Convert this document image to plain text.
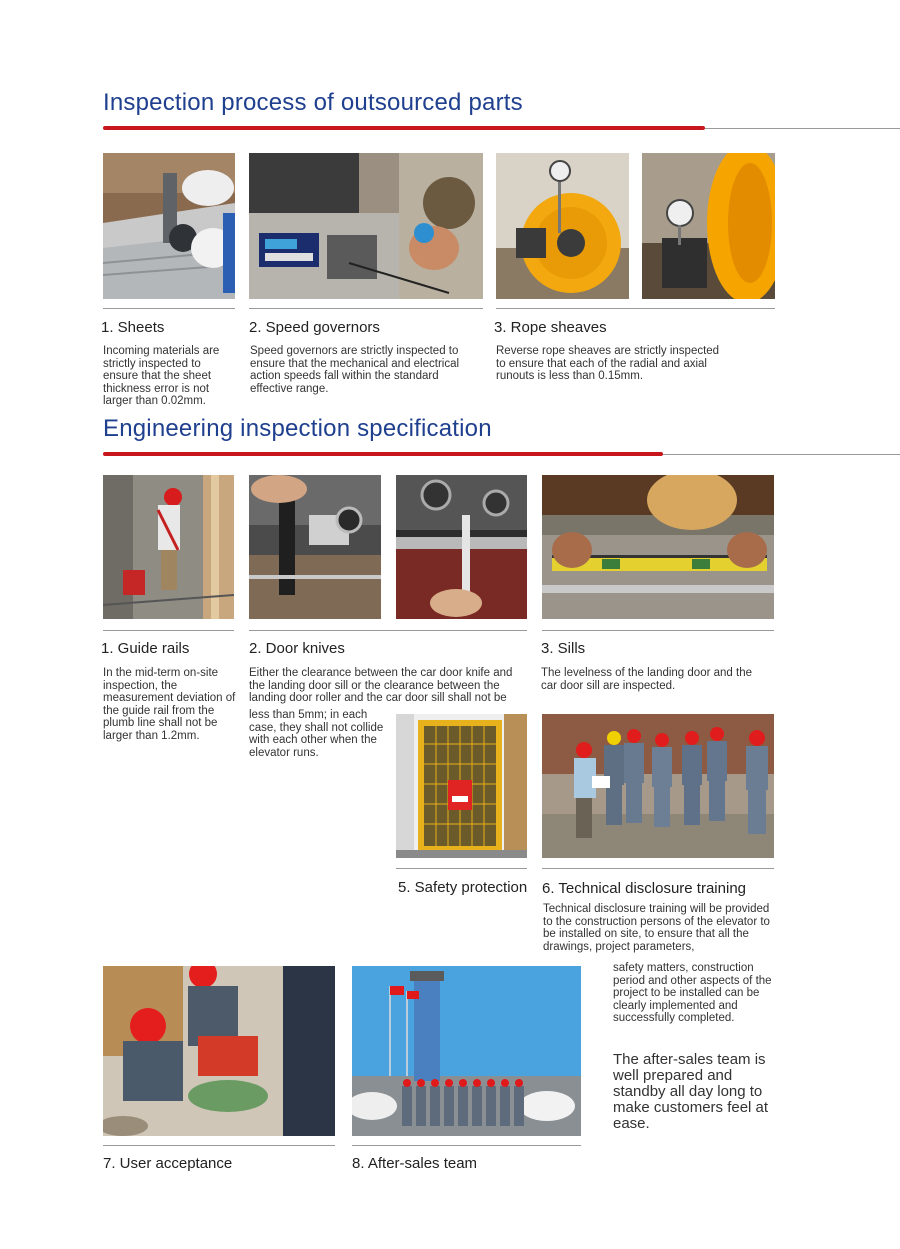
Inspection process of outsourced parts
1. Sheets	2. Speed governors	3. Rope sheaves
Incoming materials are strictly inspected to ensure that the sheet thickness error is not larger than 0.02mm.
Speed governors are strictly inspected to ensure that the mechanical and electrical action speeds fall within the standard effective range.
Reverse rope sheaves are strictly inspected to ensure that each of the radial and axial runouts is less than 0.15mm.
Engineering inspection specification
1. Guide rails	2. Door knives	3. Sills
In the mid-term on-site inspection, the measurement deviation of the guide rail from the plumb line shall not be larger than 1.2mm.
Either the clearance between the car door knife and the landing door sill or the clearance between the landing door roller and the car door sill shall not be
less than 5mm; in each case, they shall not collide with each other when the elevator runs.
The levelness of the landing door and the car door sill are inspected.
5. Safety protection 6. Technical disclosure training
Technical disclosure training will be provided to the construction persons of the elevator to be installed on site, to ensure that all the drawings, project parameters,
safety matters, construction period and other aspects of the project to be installed can be clearly implemented and successfully completed.
The after-sales team is well prepared and standby all day long to make customers feel at ease.
7. User acceptance	8. After-sales team
